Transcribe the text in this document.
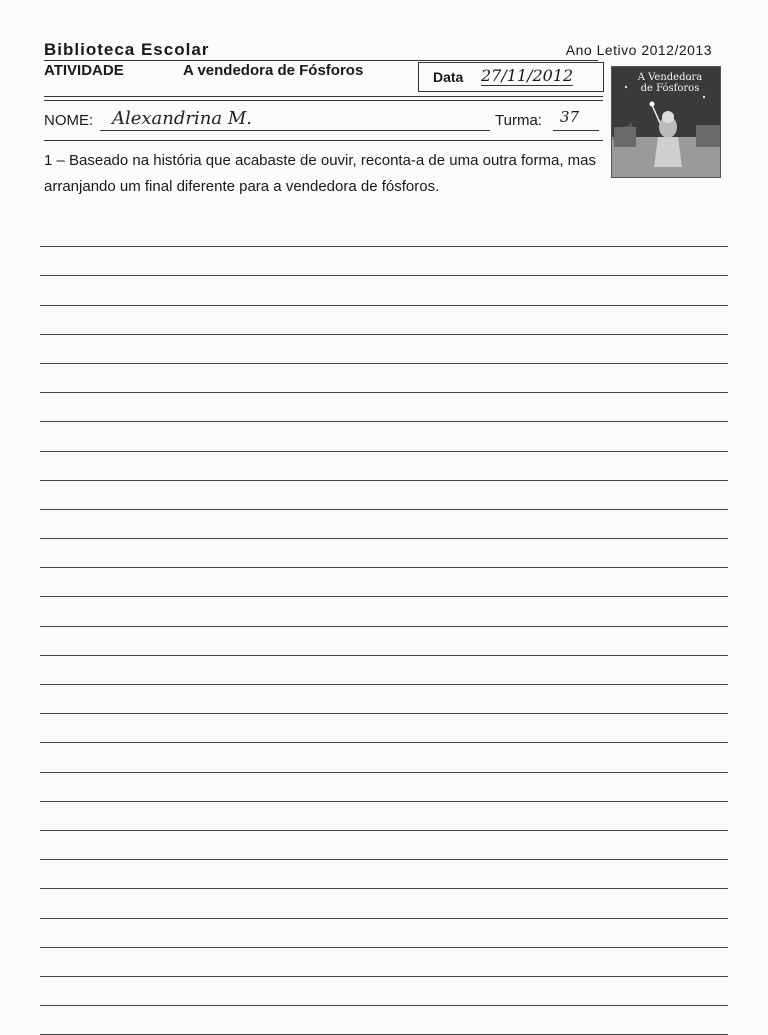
Biblioteca Escolar	Ano Letivo 2012/2013
ATIVIDADE	A vendedora de Fósforos	Data 27/11/2012
NOME: Alexandrina M.	Turma: 37
1 – Baseado na história que acabaste de ouvir, reconta-a de uma outra forma, mas arranjando um final diferente para a vendedora de fósforos.
A Vendedora
de Fósforos
